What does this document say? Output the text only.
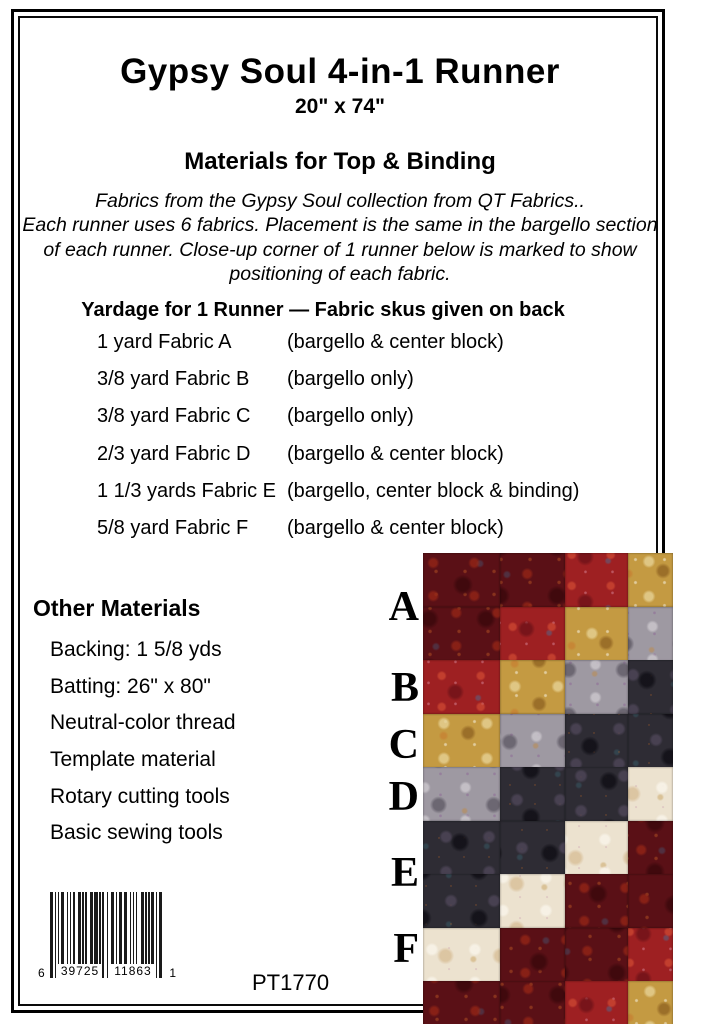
Gypsy Soul 4-in-1 Runner
20" x 74"
Materials for Top & Binding
Fabrics from the Gypsy Soul collection from QT Fabrics..
Each runner uses 6 fabrics. Placement is the same in the bargello section
of each runner. Close-up corner of 1 runner below is marked to show
positioning of each fabric.
Yardage for 1 Runner — Fabric skus given on back
1 yard Fabric A	(bargello & center block)
3/8 yard Fabric B (bargello only)
3/8 yard Fabric C (bargello only)
2/3 yard Fabric D (bargello & center block)
1 1/3 yards Fabric E (bargello, center block & binding)
5/8 yard Fabric F (bargello & center block)
Other Materials
Backing: 1 5/8 yds
Batting: 26" x 80"
Neutral-color thread
Template material
Rotary cutting tools
Basic sewing tools
PT1770
A
B
C
D
E
F
6 39725 11863 1
